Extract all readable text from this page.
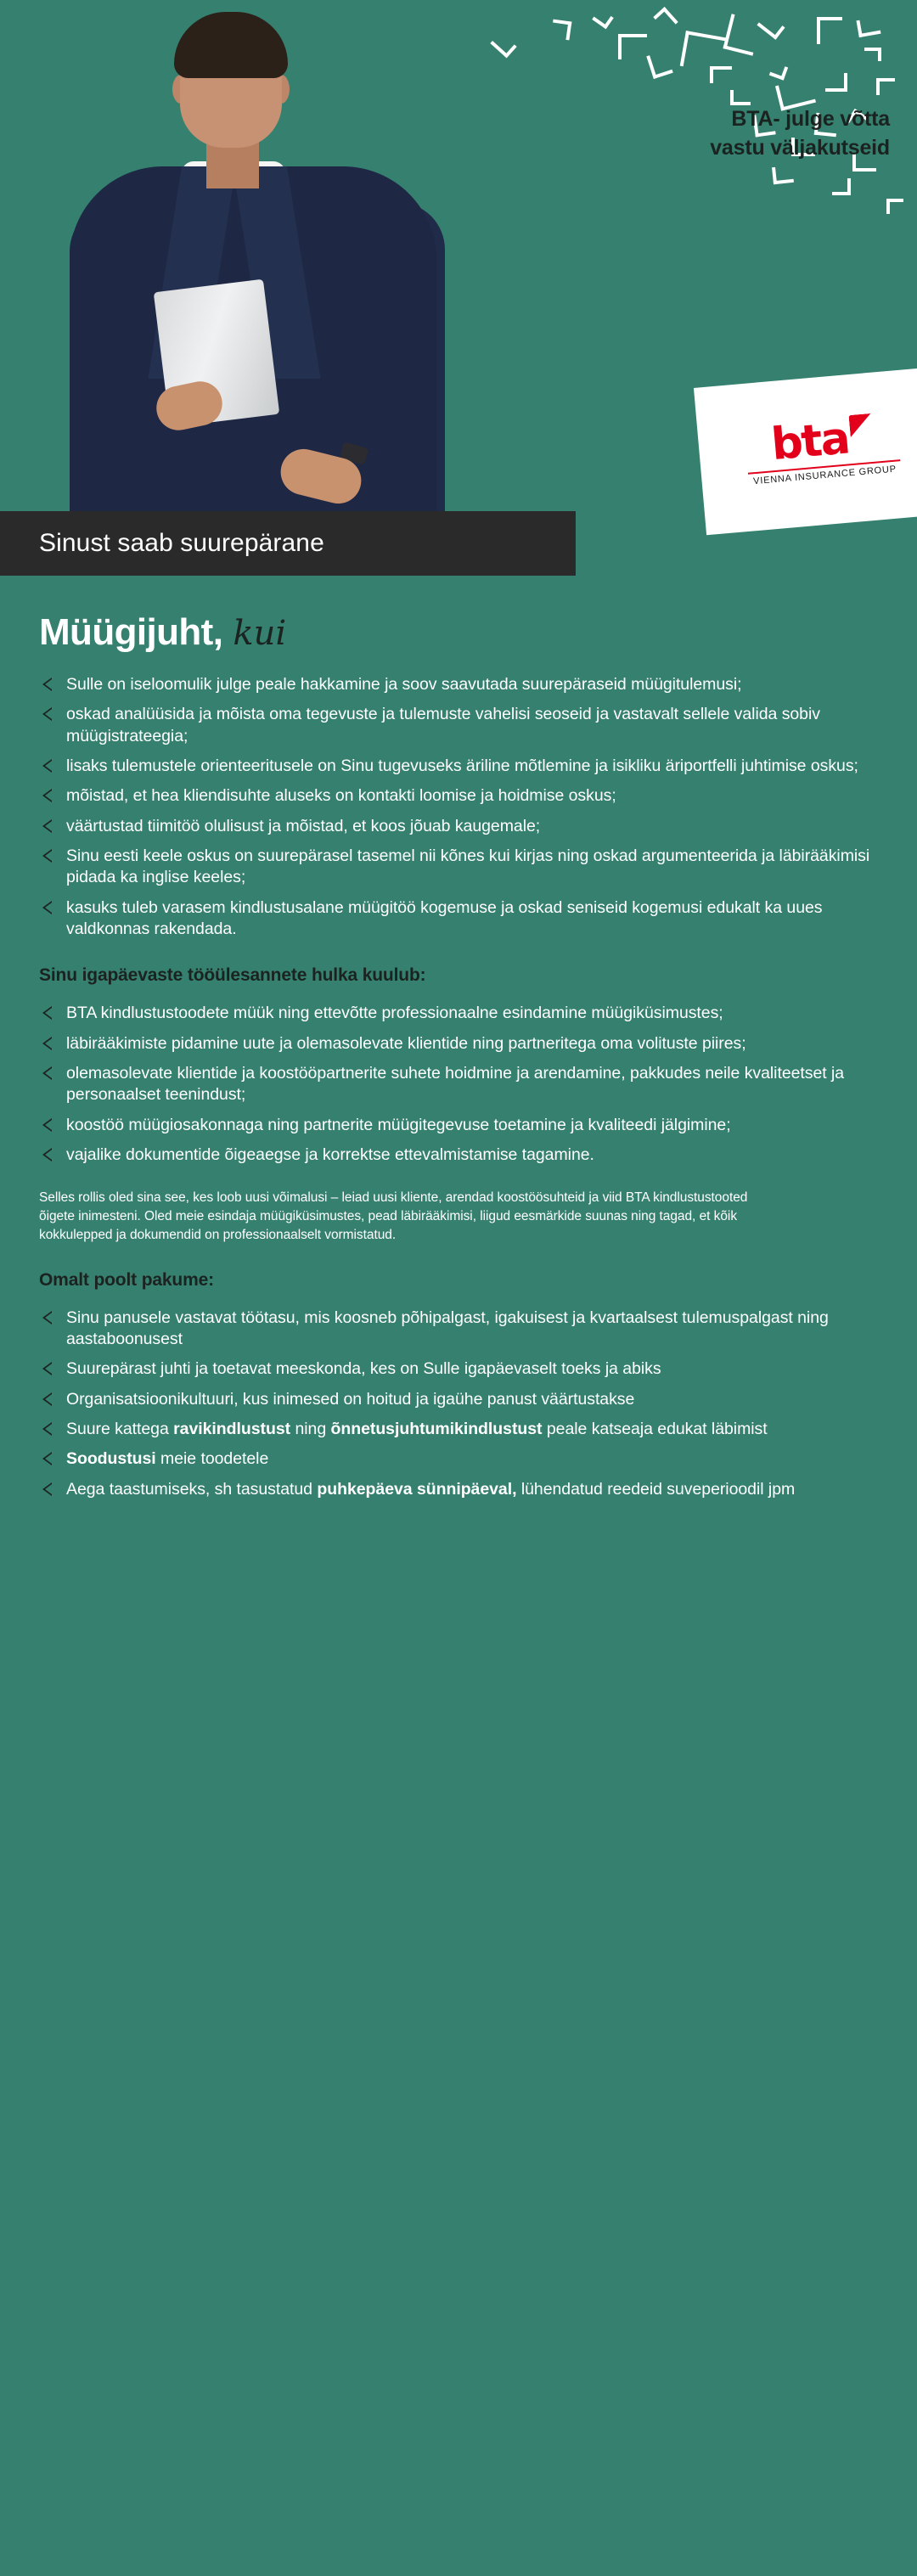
BTA- julge võtta
vastu väljakutseid
bta
VIENNA INSURANCE GROUP
Sinust saab suurepärane
Müügijuht, kui
Sulle on iseloomulik julge peale hakkamine ja soov saavutada suurepäraseid müügitulemusi;
oskad analüüsida ja mõista oma tegevuste ja tulemuste vahelisi seoseid ja vastavalt sellele valida sobiv müügistrateegia;
lisaks tulemustele orienteeritusele on Sinu tugevuseks äriline mõtlemine ja isikliku äriportfelli juhtimise oskus;
mõistad, et hea kliendisuhte aluseks on kontakti loomise ja hoidmise oskus;
väärtustad tiimitöö olulisust ja mõistad, et koos jõuab kaugemale;
Sinu eesti keele oskus on suurepärasel tasemel nii kõnes kui kirjas ning oskad argumenteerida ja läbirääkimisi pidada ka inglise keeles;
kasuks tuleb varasem kindlustusalane müügitöö kogemuse ja oskad seniseid kogemusi edukalt ka uues valdkonnas rakendada.
Sinu igapäevaste tööülesannete hulka kuulub:
BTA kindlustustoodete müük ning ettevõtte professionaalne esindamine müügiküsimustes;
läbirääkimiste pidamine uute ja olemasolevate klientide ning partneritega oma volituste piires;
olemasolevate klientide ja koostööpartnerite suhete hoidmine ja arendamine, pakkudes neile kvaliteetset ja personaalset teenindust;
koostöö müügiosakonnaga ning partnerite müügitegevuse toetamine ja kvaliteedi jälgimine;
vajalike dokumentide õigeaegse ja korrektse ettevalmistamise tagamine.

Selles rollis oled sina see, kes loob uusi võimalusi – leiad uusi kliente, arendad koostöösuhteid ja viid BTA kindlustustooted õigete inimesteni. Oled meie esindaja müügiküsimustes, pead läbirääkimisi, liigud eesmärkide suunas ning tagad, et kõik kokkulepped ja dokumendid on professionaalselt vormistatud.

Omalt poolt pakume:
Sinu panusele vastavat töötasu, mis koosneb põhipalgast, igakuisest ja kvartaalsest tulemuspalgast ning aastaboonusest
Suurepärast juhti ja toetavat meeskonda, kes on Sulle igapäevaselt toeks ja abiks
Organisatsioonikultuuri, kus inimesed on hoitud ja igaühe panust väärtustakse
Suure kattega ravikindlustust ning õnnetusjuhtumikindlustust peale katseaja edukat läbimist
Soodustusi meie toodetele
Aega taastumiseks, sh tasustatud puhkepäeva sünnipäeval, lühendatud reedeid suveperioodil jpm
